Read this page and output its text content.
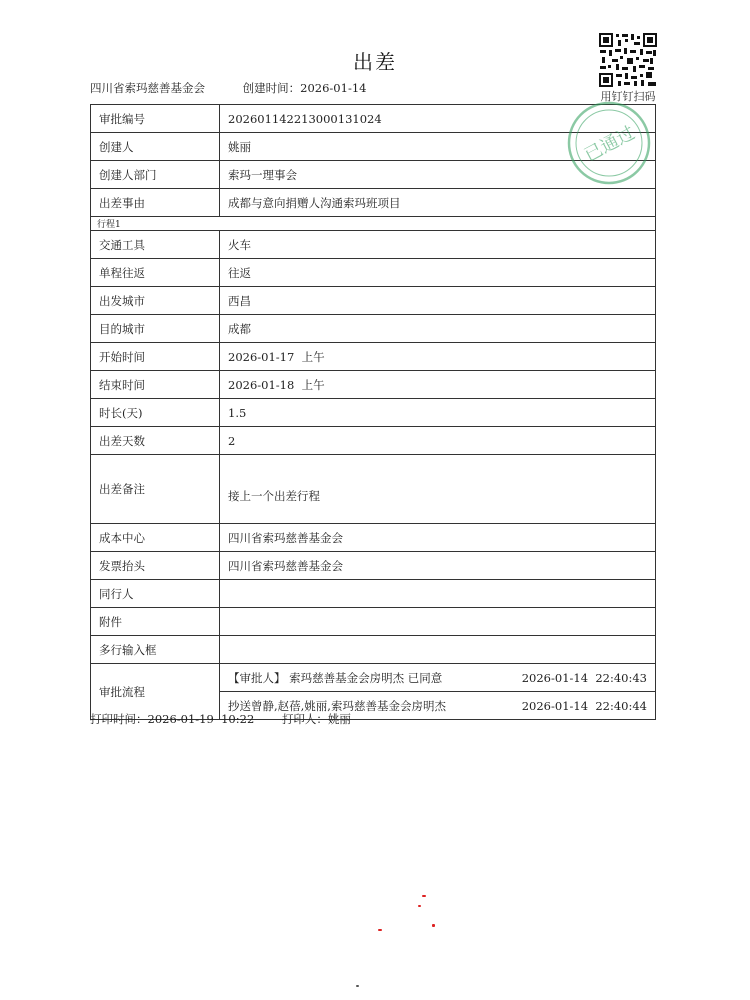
出差
四川省索玛慈善基金会	创建时间：2026-01-14
用钉钉扫码
审批编号	202601142213000131024
创建人	姚丽
创建人部门	索玛一理事会
出差事由	成都与意向捐赠人沟通索玛班项目
行程1	
交通工具	火车
单程往返	往返
出发城市	西昌
目的城市	成都
开始时间	2026-01-17  上午
结束时间	2026-01-18  上午
时长(天)	1.5
出差天数	2
出差备注	接上一个出差行程
成本中心	四川省索玛慈善基金会
发票抬头	四川省索玛慈善基金会
同行人	
附件	
多行输入框	
审批流程	【审批人】 索玛慈善基金会房明杰 已同意 2026-01-14  22:40:43
抄送曾静,赵蓓,姚丽,索玛慈善基金会房明杰 2026-01-14  22:40:44
已通过
打印时间：2026-01-19  10:22 打印人：姚丽
